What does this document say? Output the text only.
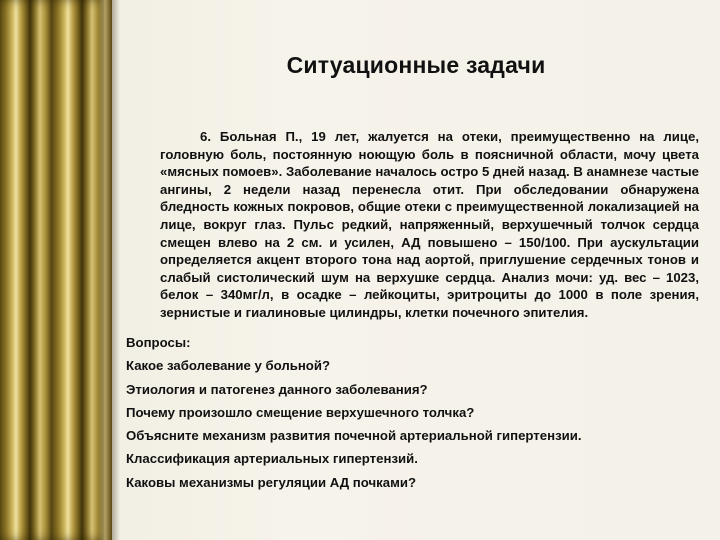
Ситуационные задачи

6. Больная П., 19 лет, жалуется на отеки, преимущественно на лице, головную боль, постоянную ноющую боль в поясничной области, мочу цвета «мясных помоев». Заболевание началось остро 5 дней назад. В анамнезе частые ангины, 2 недели назад перенесла отит. При обследовании обнаружена бледность кожных покровов, общие отеки с преимущественной локализацией на лице, вокруг глаз. Пульс редкий, напряженный, верхушечный толчок сердца смещен влево на 2 см. и усилен, АД повышено – 150/100. При аускультации определяется акцент второго тона над аортой, приглушение сердечных тонов и слабый систолический шум на верхушке сердца. Анализ мочи: уд. вес – 1023, белок – 340мг/л, в осадке – лейкоциты, эритроциты до 1000 в поле зрения, зернистые и гиалиновые цилиндры, клетки почечного эпителия.

Вопросы:
Какое заболевание у больной?
Этиология и патогенез данного заболевания?
Почему произошло смещение верхушечного толчка?
Объясните механизм развития почечной артериальной гипертензии.
Классификация артериальных гипертензий.
Каковы механизмы регуляции АД почками?
